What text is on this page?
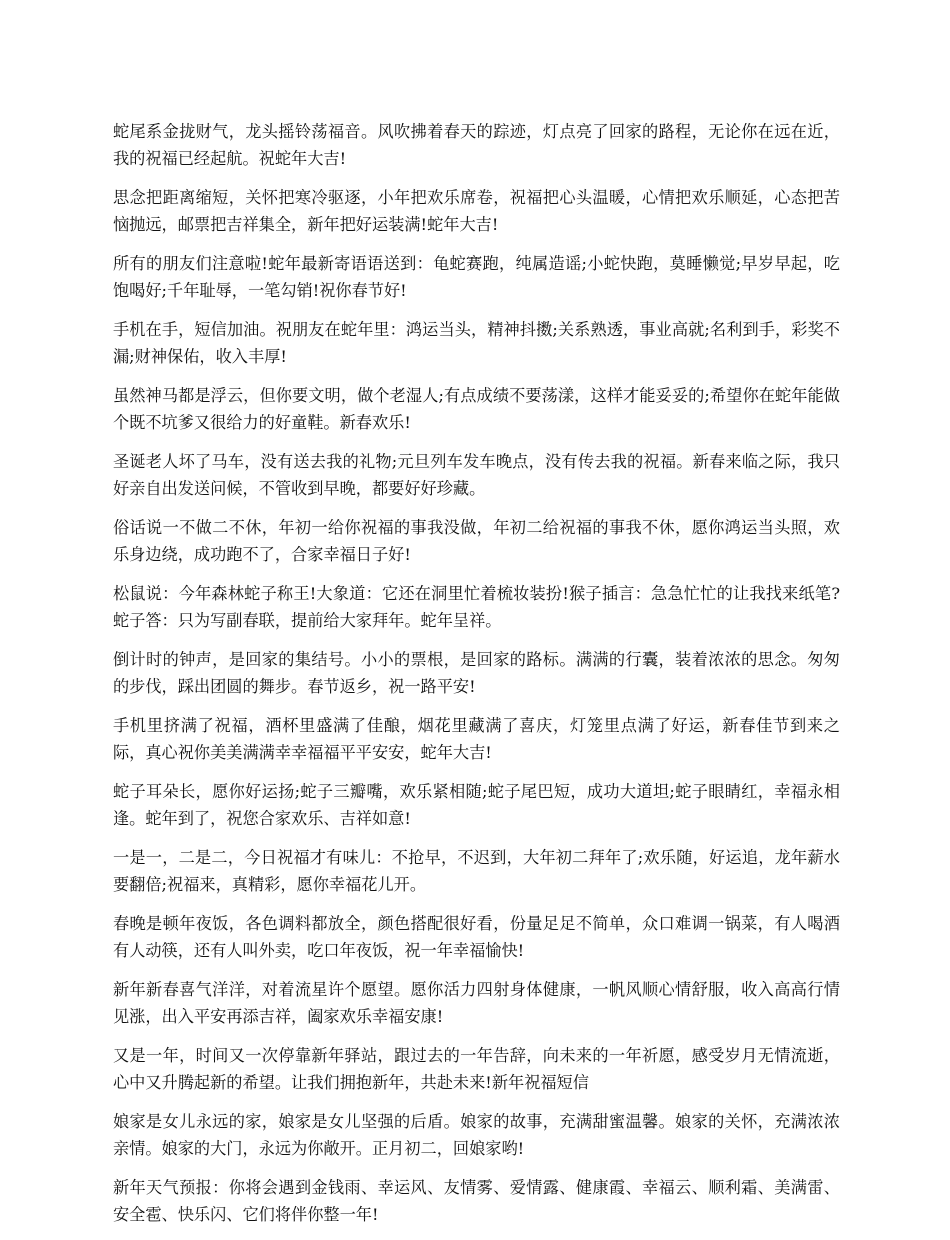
蛇尾系金拢财气，龙头摇铃荡福音。风吹拂着春天的踪迹，灯点亮了回家的路程，无论你在远在近，我的祝福已经起航。祝蛇年大吉!

思念把距离缩短，关怀把寒冷驱逐，小年把欢乐席卷，祝福把心头温暖，心情把欢乐顺延，心态把苦恼抛远，邮票把吉祥集全，新年把好运装满!蛇年大吉!

所有的朋友们注意啦!蛇年最新寄语语送到：龟蛇赛跑，纯属造谣;小蛇快跑，莫睡懒觉;早岁早起，吃饱喝好;千年耻辱，一笔勾销!祝你春节好!

手机在手，短信加油。祝朋友在蛇年里：鸿运当头，精神抖擞;关系熟透，事业高就;名利到手，彩奖不漏;财神保佑，收入丰厚!

虽然神马都是浮云，但你要文明，做个老湿人;有点成绩不要荡漾，这样才能妥妥的;希望你在蛇年能做个既不坑爹又很给力的好童鞋。新春欢乐!

圣诞老人坏了马车，没有送去我的礼物;元旦列车发车晚点，没有传去我的祝福。新春来临之际，我只好亲自出发送问候，不管收到早晚，都要好好珍藏。

俗话说一不做二不休，年初一给你祝福的事我没做，年初二给祝福的事我不休，愿你鸿运当头照，欢乐身边绕，成功跑不了，合家幸福日子好!

松鼠说：今年森林蛇子称王!大象道：它还在洞里忙着梳妆装扮!猴子插言：急急忙忙的让我找来纸笔?蛇子答：只为写副春联，提前给大家拜年。蛇年呈祥。

倒计时的钟声，是回家的集结号。小小的票根，是回家的路标。满满的行囊，装着浓浓的思念。匆匆的步伐，踩出团圆的舞步。春节返乡，祝一路平安!

手机里挤满了祝福，酒杯里盛满了佳酿，烟花里藏满了喜庆，灯笼里点满了好运，新春佳节到来之际，真心祝你美美满满幸幸福福平平安安，蛇年大吉!

蛇子耳朵长，愿你好运扬;蛇子三瓣嘴，欢乐紧相随;蛇子尾巴短，成功大道坦;蛇子眼睛红，幸福永相逢。蛇年到了，祝您合家欢乐、吉祥如意!

一是一，二是二，今日祝福才有味儿：不抢早，不迟到，大年初二拜年了;欢乐随，好运追，龙年薪水要翻倍;祝福来，真精彩，愿你幸福花儿开。

春晚是顿年夜饭，各色调料都放全，颜色搭配很好看，份量足足不简单，众口难调一锅菜，有人喝酒有人动筷，还有人叫外卖，吃口年夜饭，祝一年幸福愉快!

新年新春喜气洋洋，对着流星许个愿望。愿你活力四射身体健康，一帆风顺心情舒服，收入高高行情见涨，出入平安再添吉祥，阖家欢乐幸福安康!

又是一年，时间又一次停靠新年驿站，跟过去的一年告辞，向未来的一年祈愿，感受岁月无情流逝，心中又升腾起新的希望。让我们拥抱新年，共赴未来!新年祝福短信

娘家是女儿永远的家，娘家是女儿坚强的后盾。娘家的故事，充满甜蜜温馨。娘家的关怀，充满浓浓亲情。娘家的大门，永远为你敞开。正月初二，回娘家哟!

新年天气预报：你将会遇到金钱雨、幸运风、友情雾、爱情露、健康霞、幸福云、顺利霜、美满雷、安全雹、快乐闪、它们将伴你整一年!
